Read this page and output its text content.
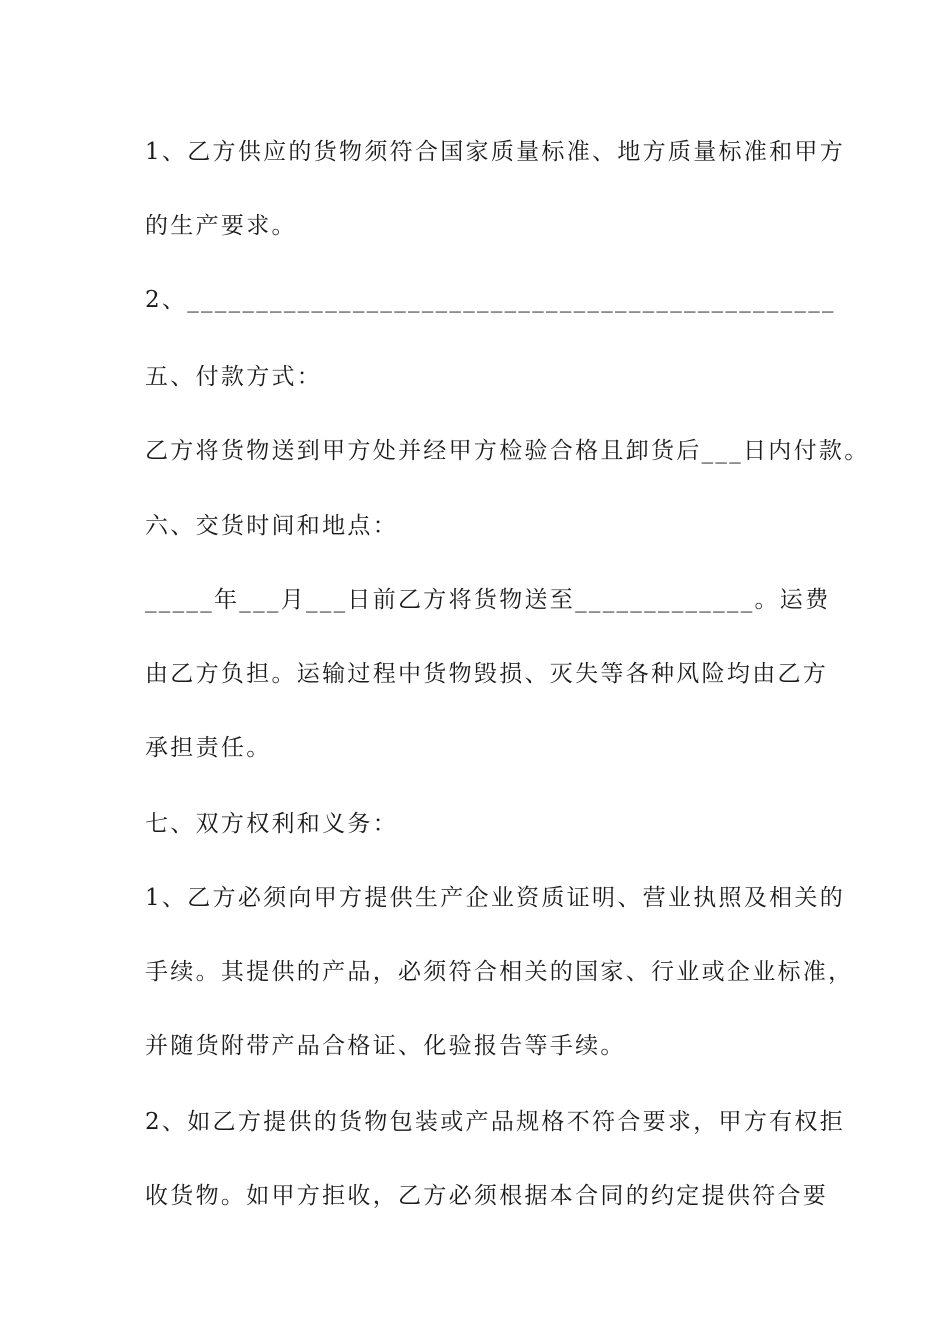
1、乙方供应的货物须符合国家质量标准、地方质量标准和甲方
的生产要求。
2、_______________________________________________
五、付款方式：
乙方将货物送到甲方处并经甲方检验合格且卸货后___日内付款。
六、交货时间和地点：
_____年___月___日前乙方将货物送至_____________。运费
由乙方负担。运输过程中货物毁损、灭失等各种风险均由乙方
承担责任。
七、双方权利和义务：
1、乙方必须向甲方提供生产企业资质证明、营业执照及相关的
手续。其提供的产品，必须符合相关的国家、行业或企业标准，
并随货附带产品合格证、化验报告等手续。
2、如乙方提供的货物包装或产品规格不符合要求，甲方有权拒
收货物。如甲方拒收，乙方必须根据本合同的约定提供符合要
